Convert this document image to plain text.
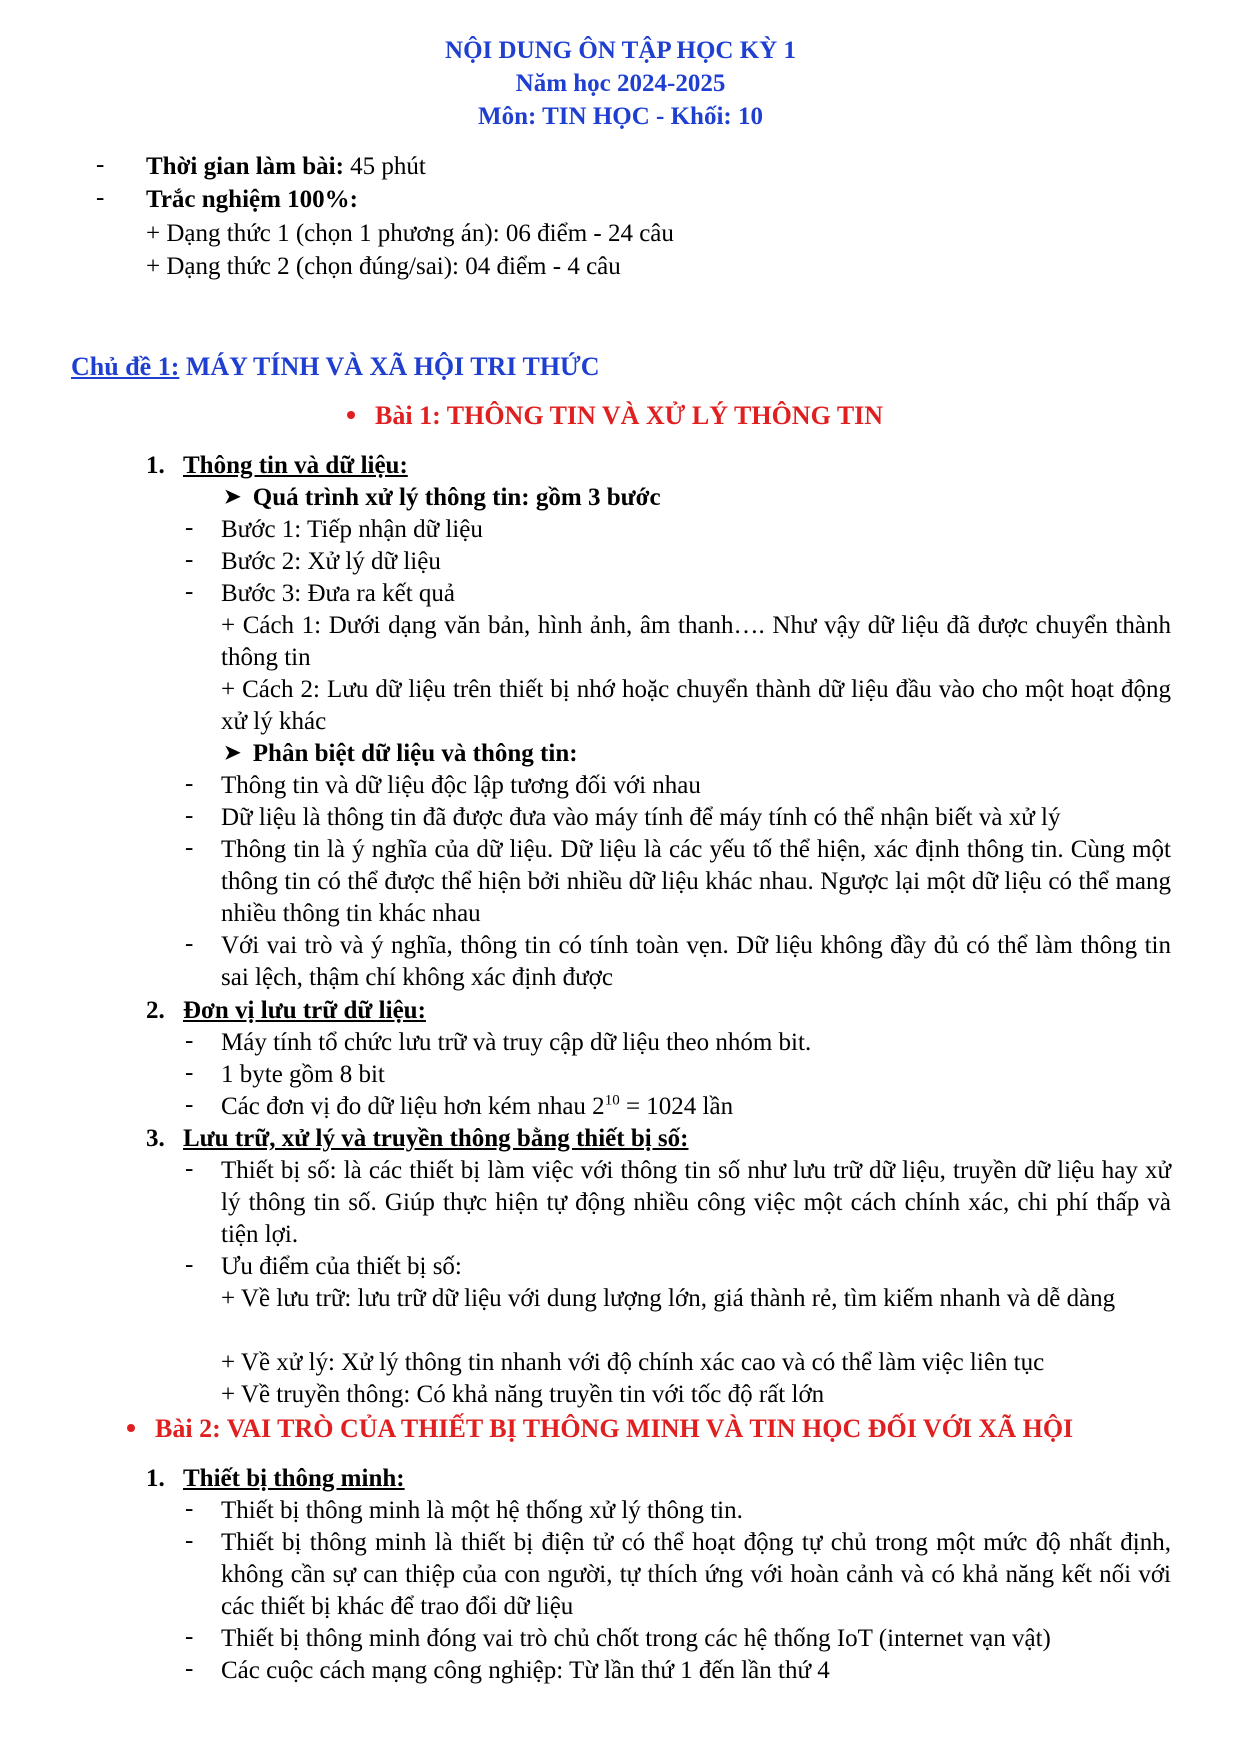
NỘI DUNG ÔN TẬP HỌC KỲ 1
Năm học 2024-2025
Môn: TIN HỌC - Khối: 10
- Thời gian làm bài: 45 phút
- Trắc nghiệm 100%:
+ Dạng thức 1 (chọn 1 phương án): 06 điểm - 24 câu
+ Dạng thức 2 (chọn đúng/sai): 04 điểm - 4 câu
Chủ đề 1: MÁY TÍNH VÀ XÃ HỘI TRI THỨC
Bài 1: THÔNG TIN VÀ XỬ LÝ THÔNG TIN
1. Thông tin và dữ liệu:
➤ Quá trình xử lý thông tin: gồm 3 bước
- Bước 1: Tiếp nhận dữ liệu
- Bước 2: Xử lý dữ liệu
- Bước 3: Đưa ra kết quả
+ Cách 1: Dưới dạng văn bản, hình ảnh, âm thanh…. Như vậy dữ liệu đã được chuyển thành thông tin
+ Cách 2: Lưu dữ liệu trên thiết bị nhớ hoặc chuyển thành dữ liệu đầu vào cho một hoạt động xử lý khác
➤ Phân biệt dữ liệu và thông tin:
- Thông tin và dữ liệu độc lập tương đối với nhau
- Dữ liệu là thông tin đã được đưa vào máy tính để máy tính có thể nhận biết và xử lý
- Thông tin là ý nghĩa của dữ liệu. Dữ liệu là các yếu tố thể hiện, xác định thông tin. Cùng một thông tin có thể được thể hiện bởi nhiều dữ liệu khác nhau. Ngược lại một dữ liệu có thể mang nhiều thông tin khác nhau
- Với vai trò và ý nghĩa, thông tin có tính toàn vẹn. Dữ liệu không đầy đủ có thể làm thông tin sai lệch, thậm chí không xác định được
2. Đơn vị lưu trữ dữ liệu:
- Máy tính tổ chức lưu trữ và truy cập dữ liệu theo nhóm bit.
- 1 byte gồm 8 bit
- Các đơn vị đo dữ liệu hơn kém nhau $2^{10} = 1024$ lần
3. Lưu trữ, xử lý và truyền thông bằng thiết bị số:
- Thiết bị số: là các thiết bị làm việc với thông tin số như lưu trữ dữ liệu, truyền dữ liệu hay xử lý thông tin số. Giúp thực hiện tự động nhiều công việc một cách chính xác, chi phí thấp và tiện lợi.
- Ưu điểm của thiết bị số:
+ Về lưu trữ: lưu trữ dữ liệu với dung lượng lớn, giá thành rẻ, tìm kiếm nhanh và dễ dàng
+ Về xử lý: Xử lý thông tin nhanh với độ chính xác cao và có thể làm việc liên tục
+ Về truyền thông: Có khả năng truyền tin với tốc độ rất lớn
Bài 2: VAI TRÒ CỦA THIẾT BỊ THÔNG MINH VÀ TIN HỌC ĐỐI VỚI XÃ HỘI
1. Thiết bị thông minh:
- Thiết bị thông minh là một hệ thống xử lý thông tin.
- Thiết bị thông minh là thiết bị điện tử có thể hoạt động tự chủ trong một mức độ nhất định, không cần sự can thiệp của con người, tự thích ứng với hoàn cảnh và có khả năng kết nối với các thiết bị khác để trao đổi dữ liệu
- Thiết bị thông minh đóng vai trò chủ chốt trong các hệ thống IoT (internet vạn vật)
- Các cuộc cách mạng công nghiệp: Từ lần thứ 1 đến lần thứ 4
